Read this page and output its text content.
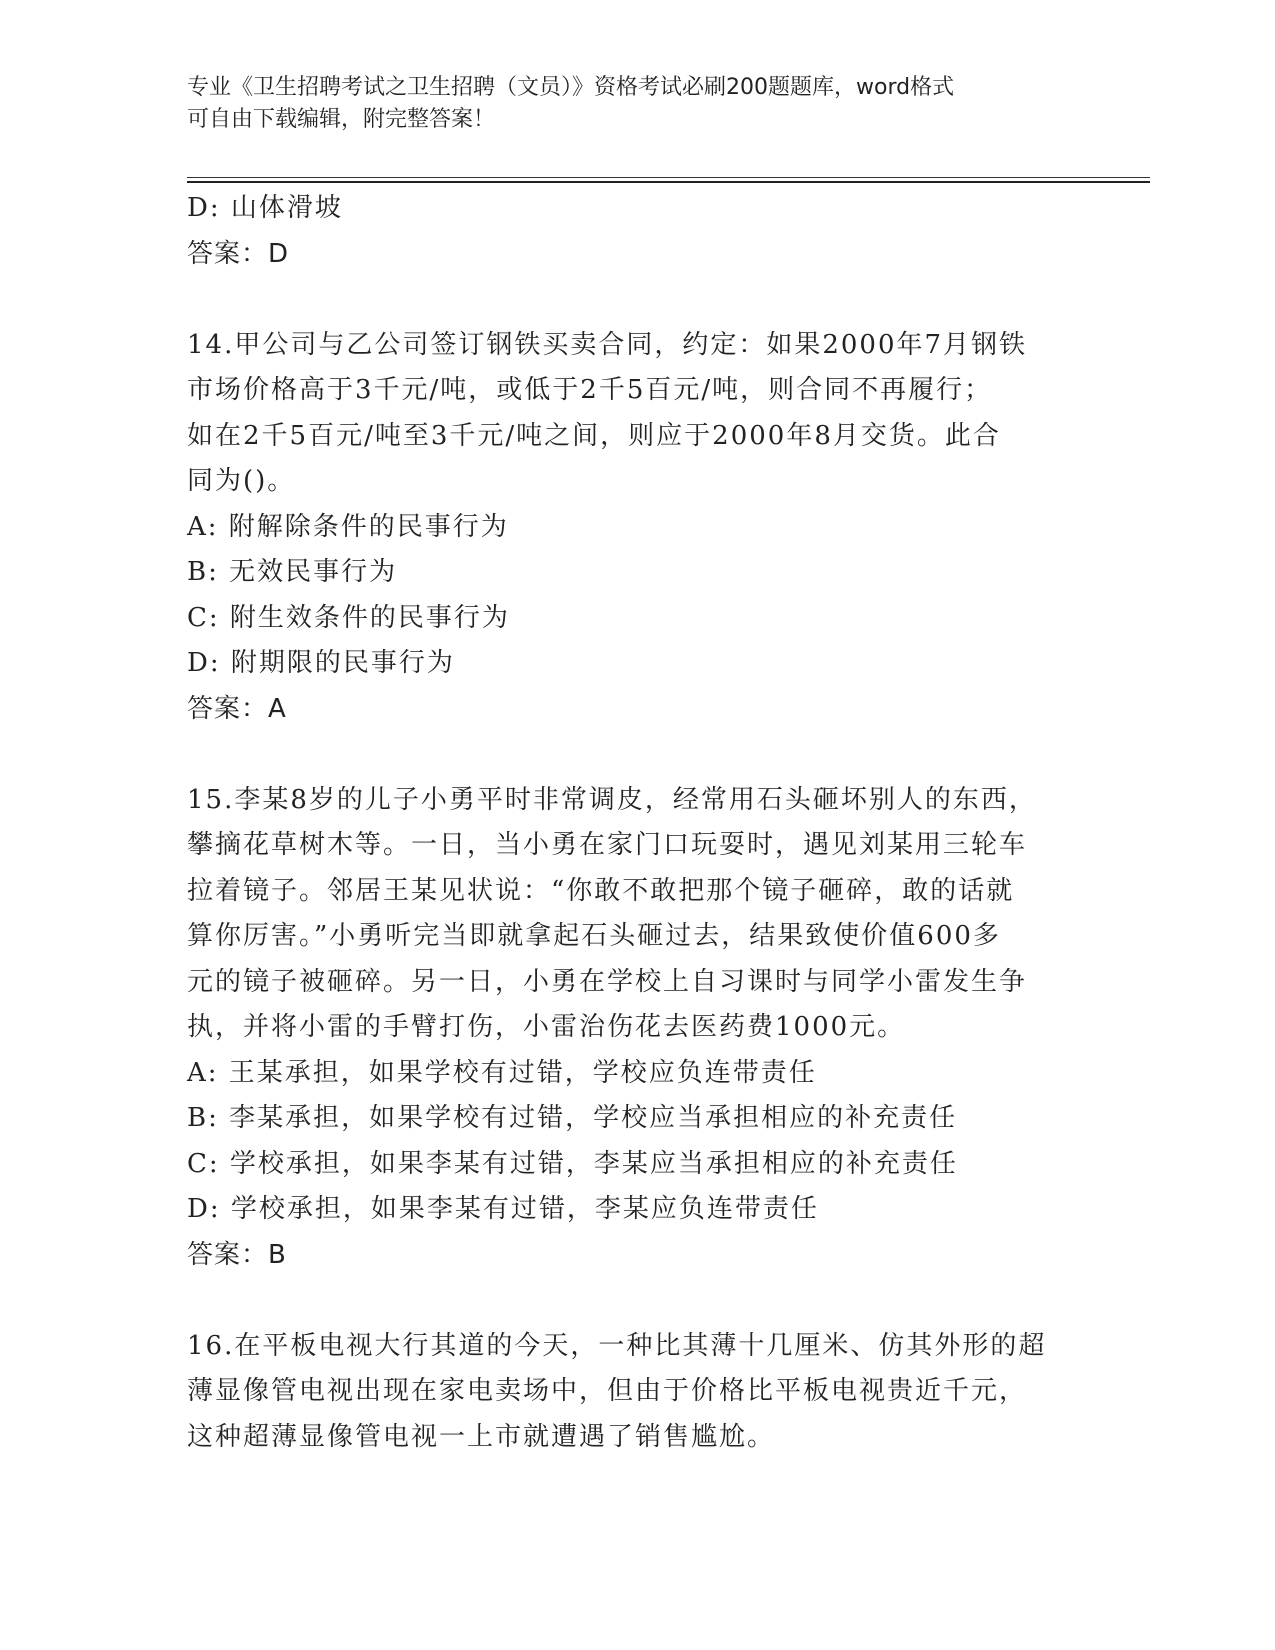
专业《卫生招聘考试之卫生招聘（文员）》资格考试必刷200题题库，word格式
可自由下载编辑，附完整答案！
D: 山体滑坡
答案：D
14.甲公司与乙公司签订钢铁买卖合同，约定：如果2000年7月钢铁
市场价格高于3千元/吨，或低于2千5百元/吨，则合同不再履行；
如在2千5百元/吨至3千元/吨之间，则应于2000年8月交货。此合
同为()。
A: 附解除条件的民事行为
B: 无效民事行为
C: 附生效条件的民事行为
D: 附期限的民事行为
答案：A
15.李某8岁的儿子小勇平时非常调皮，经常用石头砸坏别人的东西，
攀摘花草树木等。一日，当小勇在家门口玩耍时，遇见刘某用三轮车
拉着镜子。邻居王某见状说：“你敢不敢把那个镜子砸碎，敢的话就
算你厉害。”小勇听完当即就拿起石头砸过去，结果致使价值600多
元的镜子被砸碎。另一日，小勇在学校上自习课时与同学小雷发生争
执，并将小雷的手臂打伤，小雷治伤花去医药费1000元。
A: 王某承担，如果学校有过错，学校应负连带责任
B: 李某承担，如果学校有过错，学校应当承担相应的补充责任
C: 学校承担，如果李某有过错，李某应当承担相应的补充责任
D: 学校承担，如果李某有过错，李某应负连带责任
答案：B
16.在平板电视大行其道的今天，一种比其薄十几厘米、仿其外形的超
薄显像管电视出现在家电卖场中，但由于价格比平板电视贵近千元，
这种超薄显像管电视一上市就遭遇了销售尴尬。
